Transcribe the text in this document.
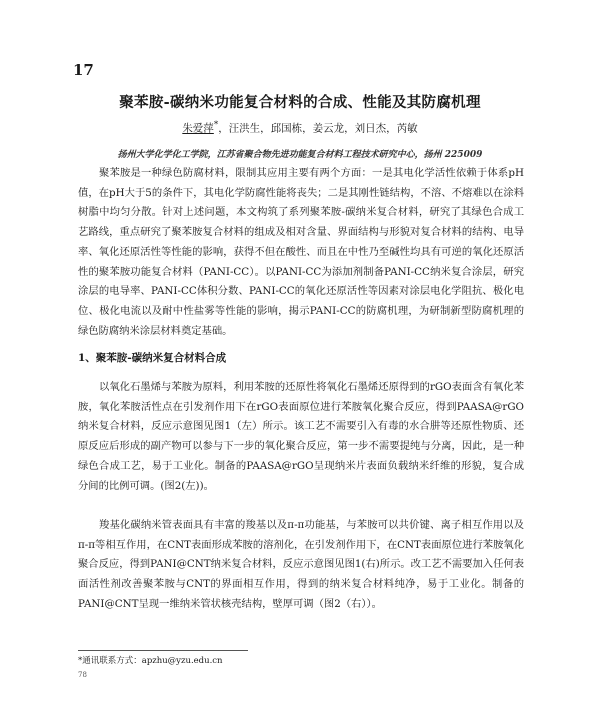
17
聚苯胺-碳纳米功能复合材料的合成、性能及其防腐机理
朱爱萍*，汪洪生，邱国栋，姜云龙，刘日杰，芮敏
扬州大学化学化工学院，江苏省聚合物先进功能复合材料工程技术研究中心，扬州 225009
聚苯胺是一种绿色防腐材料，限制其应用主要有两个方面：一是其电化学活性依赖于体系pH值，在pH大于5的条件下，其电化学防腐性能将丧失；二是其刚性链结构，不溶、不熔难以在涂料树脂中均匀分散。针对上述问题，本文构筑了系列聚苯胺-碳纳米复合材料，研究了其绿色合成工艺路线，重点研究了聚苯胺复合材料的组成及相对含量、界面结构与形貌对复合材料的结构、电导率、氧化还原活性等性能的影响，获得不但在酸性、而且在中性乃至碱性均具有可逆的氧化还原活性的聚苯胺功能复合材料（PANI-CC）。以PANI-CC为添加剂制备PANI-CC纳米复合涂层，研究涂层的电导率、PANI-CC体积分数、PANI-CC的氧化还原活性等因素对涂层电化学阻抗、极化电位、极化电流以及耐中性盐雾等性能的影响，揭示PANI-CC的防腐机理，为研制新型防腐机理的绿色防腐纳米涂层材料奠定基础。
1、聚苯胺-碳纳米复合材料合成
以氧化石墨烯与苯胺为原料，利用苯胺的还原性将氧化石墨烯还原得到的rGO表面含有氧化苯胺，氧化苯胺活性点在引发剂作用下在rGO表面原位进行苯胺氧化聚合反应，得到PAASA@rGO纳米复合材料，反应示意图见图1（左）所示。该工艺不需要引入有毒的水合肼等还原性物质、还原反应后形成的副产物可以参与下一步的氧化聚合反应，第一步不需要提纯与分离，因此，是一种绿色合成工艺，易于工业化。制备的PAASA@rGO呈现纳米片表面负载纳米纤维的形貌，复合成分间的比例可调。(图2(左))。
羧基化碳纳米管表面具有丰富的羧基以及π-π功能基，与苯胺可以共价键、离子相互作用以及π-π等相互作用，在CNT表面形成苯胺的溶剂化，在引发剂作用下，在CNT表面原位进行苯胺氧化聚合反应，得到PANI@CNT纳米复合材料，反应示意图见图1(右)所示。改工艺不需要加入任何表面活性剂改善聚苯胺与CNT的界面相互作用，得到的纳米复合材料纯净，易于工业化。制备的PANI@CNT呈现一维纳米管状核壳结构，壁厚可调（图2（右））。
*通讯联系方式：apzhu@yzu.edu.cn
78
